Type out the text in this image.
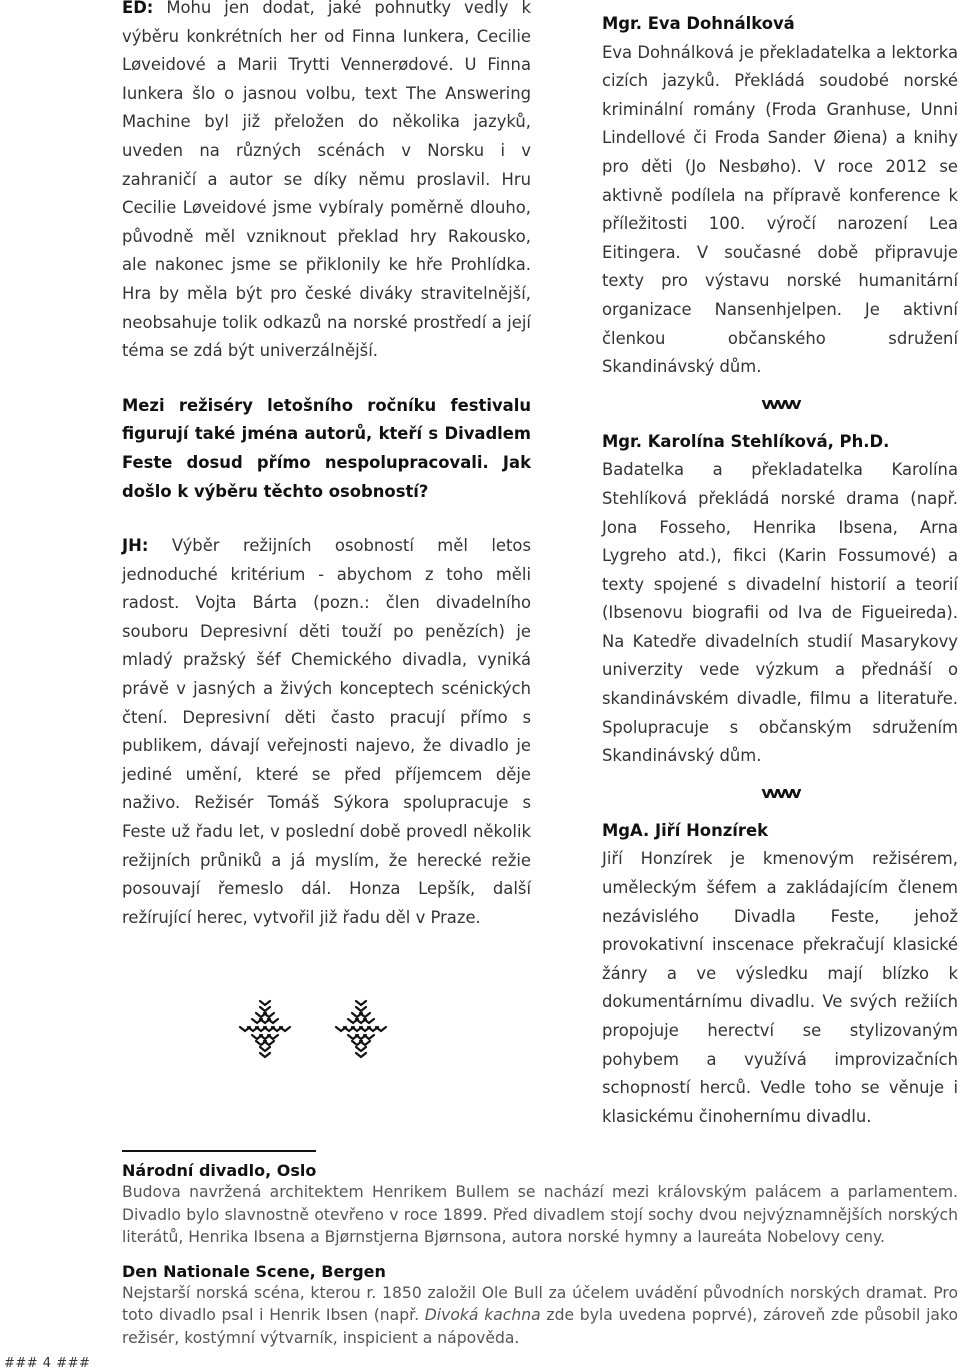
ED: Mohu jen dodat, jaké pohnutky vedly k výběru konkrétních her od Finna Iunkera, Cecilie Løveidové a Marii Trytti Vennerødové. U Finna Iunkera šlo o jasnou volbu, text The Answering Machine byl již přeložen do několika jazyků, uveden na různých scénách v Norsku i v zahraničí a autor se díky němu proslavil. Hru Cecilie Løveidové jsme vybíraly poměrně dlouho, původně měl vzniknout překlad hry Rakousko, ale nakonec jsme se přiklonily ke hře Prohlídka. Hra by měla být pro české diváky stravitelnější, neobsahuje tolik odkazů na norské prostředí a její téma se zdá být univerzálnější.

Mezi režiséry letošního ročníku festivalu figurují také jména autorů, kteří s Divadlem Feste dosud přímo nespolupracovali. Jak došlo k výběru těchto osobností?

JH: Výběr režijních osobností měl letos jednoduché kritérium - abychom z toho měli radost. Vojta Bárta (pozn.: člen divadelního souboru Depresivní děti touží po penězích) je mladý pražský šéf Chemického divadla, vyniká právě v jasných a živých konceptech scénických čtení. Depresivní děti často pracují přímo s publikem, dávají veřejnosti najevo, že divadlo je jediné umění, které se před příjemcem děje naživo. Režisér Tomáš Sýkora spolupracuje s Feste už řadu let, v poslední době provedl několik režijních průniků a já myslím, že herecké režie posouvají řemeslo dál. Honza Lepšík, další režírující herec, vytvořil již řadu děl v Praze.

Mgr. Eva Dohnálková

Eva Dohnálková je překladatelka a lektorka cizích jazyků. Překládá soudobé norské kriminální romány (Froda Granhuse, Unni Lindellové či Froda Sander Øiena) a knihy pro děti (Jo Nesbøho). V roce 2012 se aktivně podílela na přípravě konference k příležitosti 100. výročí narození Lea Eitingera. V současné době připravuje texty pro výstavu norské humanitární organizace Nansenhjelpen. Je aktivní členkou občanského sdružení Skandinávský dům.

vvvvv

Mgr. Karolína Stehlíková, Ph.D.

Badatelka a překladatelka Karolína Stehlíková překládá norské drama (např. Jona Fosseho, Henrika Ibsena, Arna Lygreho atd.), fikci (Karin Fossumové) a texty spojené s divadelní historií a teorií (Ibsenovu biografii od Iva de Figueireda). Na Katedře divadelních studií Masarykovy univerzity vede výzkum a přednáší o skandinávském divadle, filmu a literatuře. Spolupracuje s občanským sdružením Skandinávský dům.

vvvvv

MgA. Jiří Honzírek

Jiří Honzírek je kmenovým režisérem, uměleckým šéfem a zakládajícím členem nezávislého Divadla Feste, jehož provokativní inscenace překračují klasické žánry a ve výsledku mají blízko k dokumentárnímu divadlu. Ve svých režiích propojuje herectví se stylizovaným pohybem a využívá improvizačních schopností herců. Vedle toho se věnuje i klasickému činohernímu divadlu.

Národní divadlo, Oslo

Budova navržená architektem Henrikem Bullem se nachází mezi královským palácem a parlamentem. Divadlo bylo slavnostně otevřeno v roce 1899. Před divadlem stojí sochy dvou nejvýznamnějších norských literátů, Henrika Ibsena a Bjørnstjerna Bjørnsona, autora norské hymny a laureáta Nobelovy ceny.

Den Nationale Scene, Bergen

Nejstarší norská scéna, kterou r. 1850 založil Ole Bull za účelem uvádění původních norských dramat. Pro toto divadlo psal i Henrik Ibsen (např. Divoká kachna zde byla uvedena poprvé), zároveň zde působil jako režisér, kostýmní výtvarník, inspicient a nápověda.

### 4 ###
